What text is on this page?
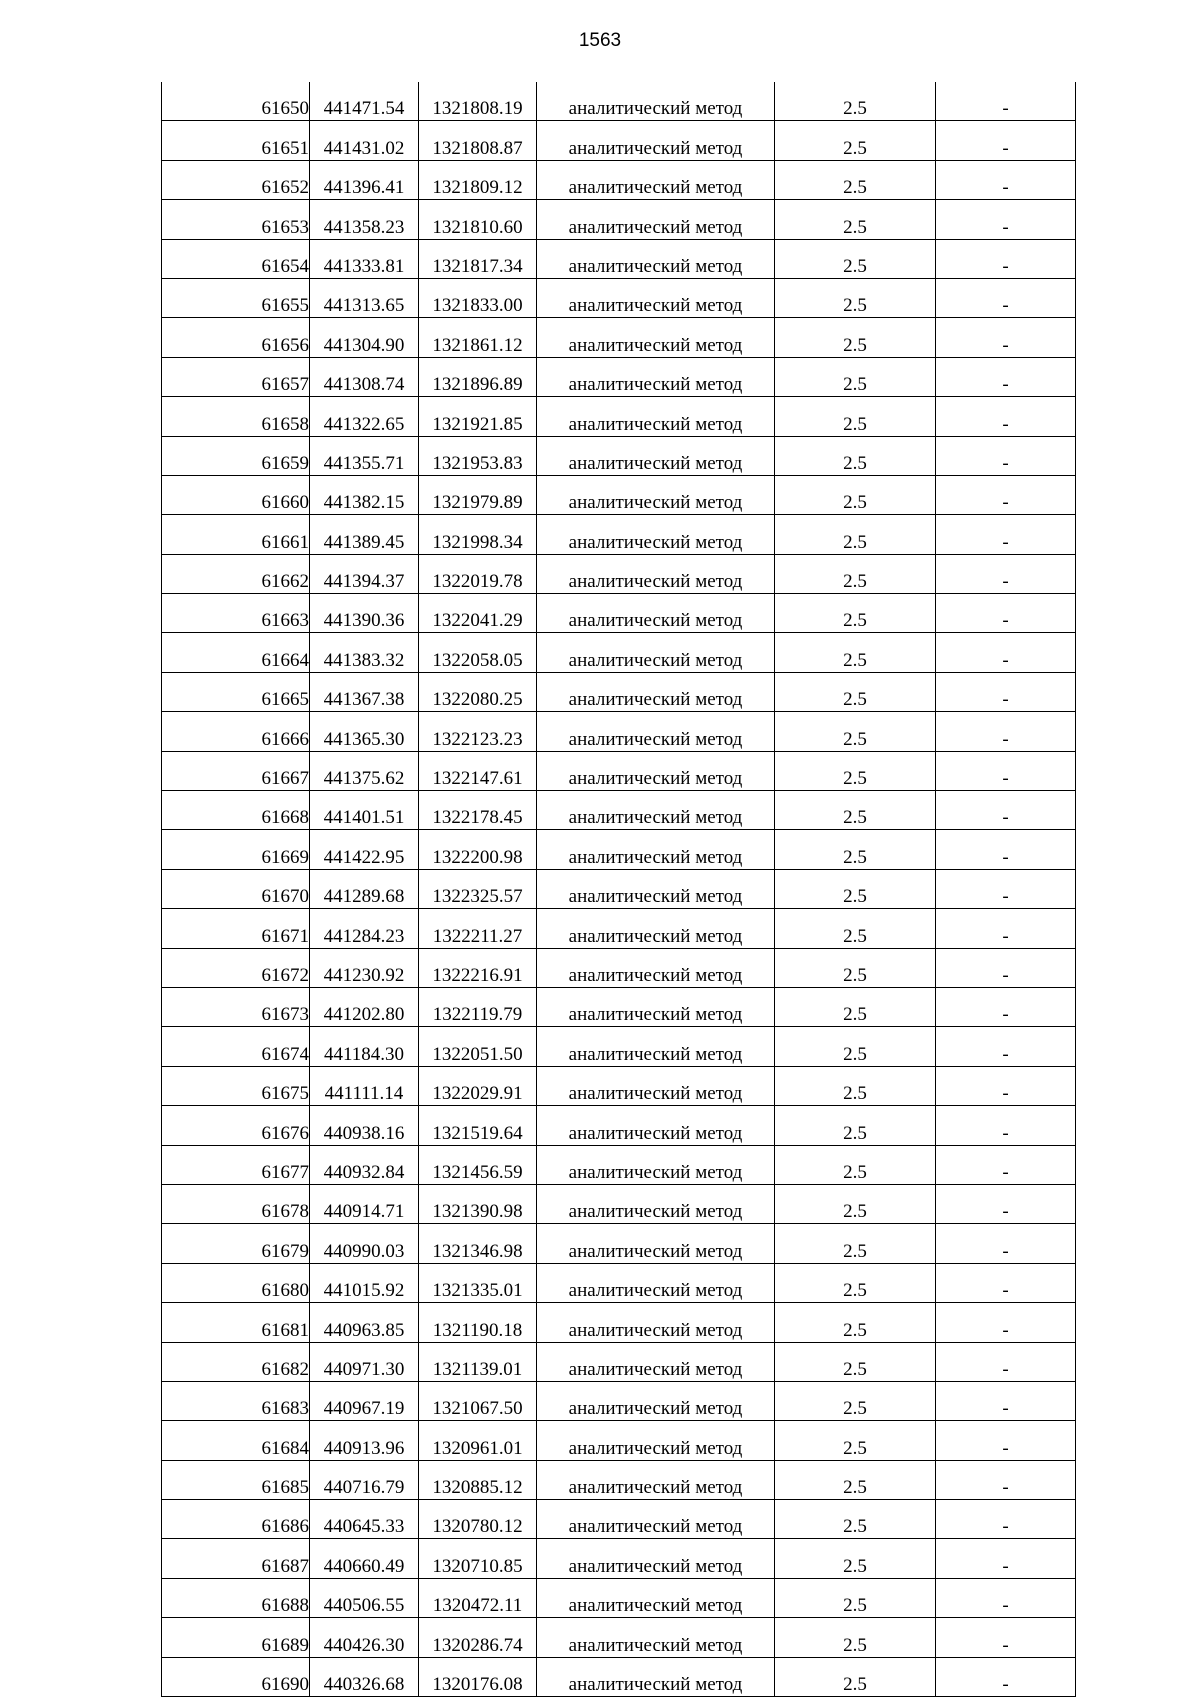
1563
61650	441471.54	1321808.19	аналитический метод	2.5	-
61651	441431.02	1321808.87	аналитический метод	2.5	-
61652	441396.41	1321809.12	аналитический метод	2.5	-
61653	441358.23	1321810.60	аналитический метод	2.5	-
61654	441333.81	1321817.34	аналитический метод	2.5	-
61655	441313.65	1321833.00	аналитический метод	2.5	-
61656	441304.90	1321861.12	аналитический метод	2.5	-
61657	441308.74	1321896.89	аналитический метод	2.5	-
61658	441322.65	1321921.85	аналитический метод	2.5	-
61659	441355.71	1321953.83	аналитический метод	2.5	-
61660	441382.15	1321979.89	аналитический метод	2.5	-
61661	441389.45	1321998.34	аналитический метод	2.5	-
61662	441394.37	1322019.78	аналитический метод	2.5	-
61663	441390.36	1322041.29	аналитический метод	2.5	-
61664	441383.32	1322058.05	аналитический метод	2.5	-
61665	441367.38	1322080.25	аналитический метод	2.5	-
61666	441365.30	1322123.23	аналитический метод	2.5	-
61667	441375.62	1322147.61	аналитический метод	2.5	-
61668	441401.51	1322178.45	аналитический метод	2.5	-
61669	441422.95	1322200.98	аналитический метод	2.5	-
61670	441289.68	1322325.57	аналитический метод	2.5	-
61671	441284.23	1322211.27	аналитический метод	2.5	-
61672	441230.92	1322216.91	аналитический метод	2.5	-
61673	441202.80	1322119.79	аналитический метод	2.5	-
61674	441184.30	1322051.50	аналитический метод	2.5	-
61675	441111.14	1322029.91	аналитический метод	2.5	-
61676	440938.16	1321519.64	аналитический метод	2.5	-
61677	440932.84	1321456.59	аналитический метод	2.5	-
61678	440914.71	1321390.98	аналитический метод	2.5	-
61679	440990.03	1321346.98	аналитический метод	2.5	-
61680	441015.92	1321335.01	аналитический метод	2.5	-
61681	440963.85	1321190.18	аналитический метод	2.5	-
61682	440971.30	1321139.01	аналитический метод	2.5	-
61683	440967.19	1321067.50	аналитический метод	2.5	-
61684	440913.96	1320961.01	аналитический метод	2.5	-
61685	440716.79	1320885.12	аналитический метод	2.5	-
61686	440645.33	1320780.12	аналитический метод	2.5	-
61687	440660.49	1320710.85	аналитический метод	2.5	-
61688	440506.55	1320472.11	аналитический метод	2.5	-
61689	440426.30	1320286.74	аналитический метод	2.5	-
61690	440326.68	1320176.08	аналитический метод	2.5	-
